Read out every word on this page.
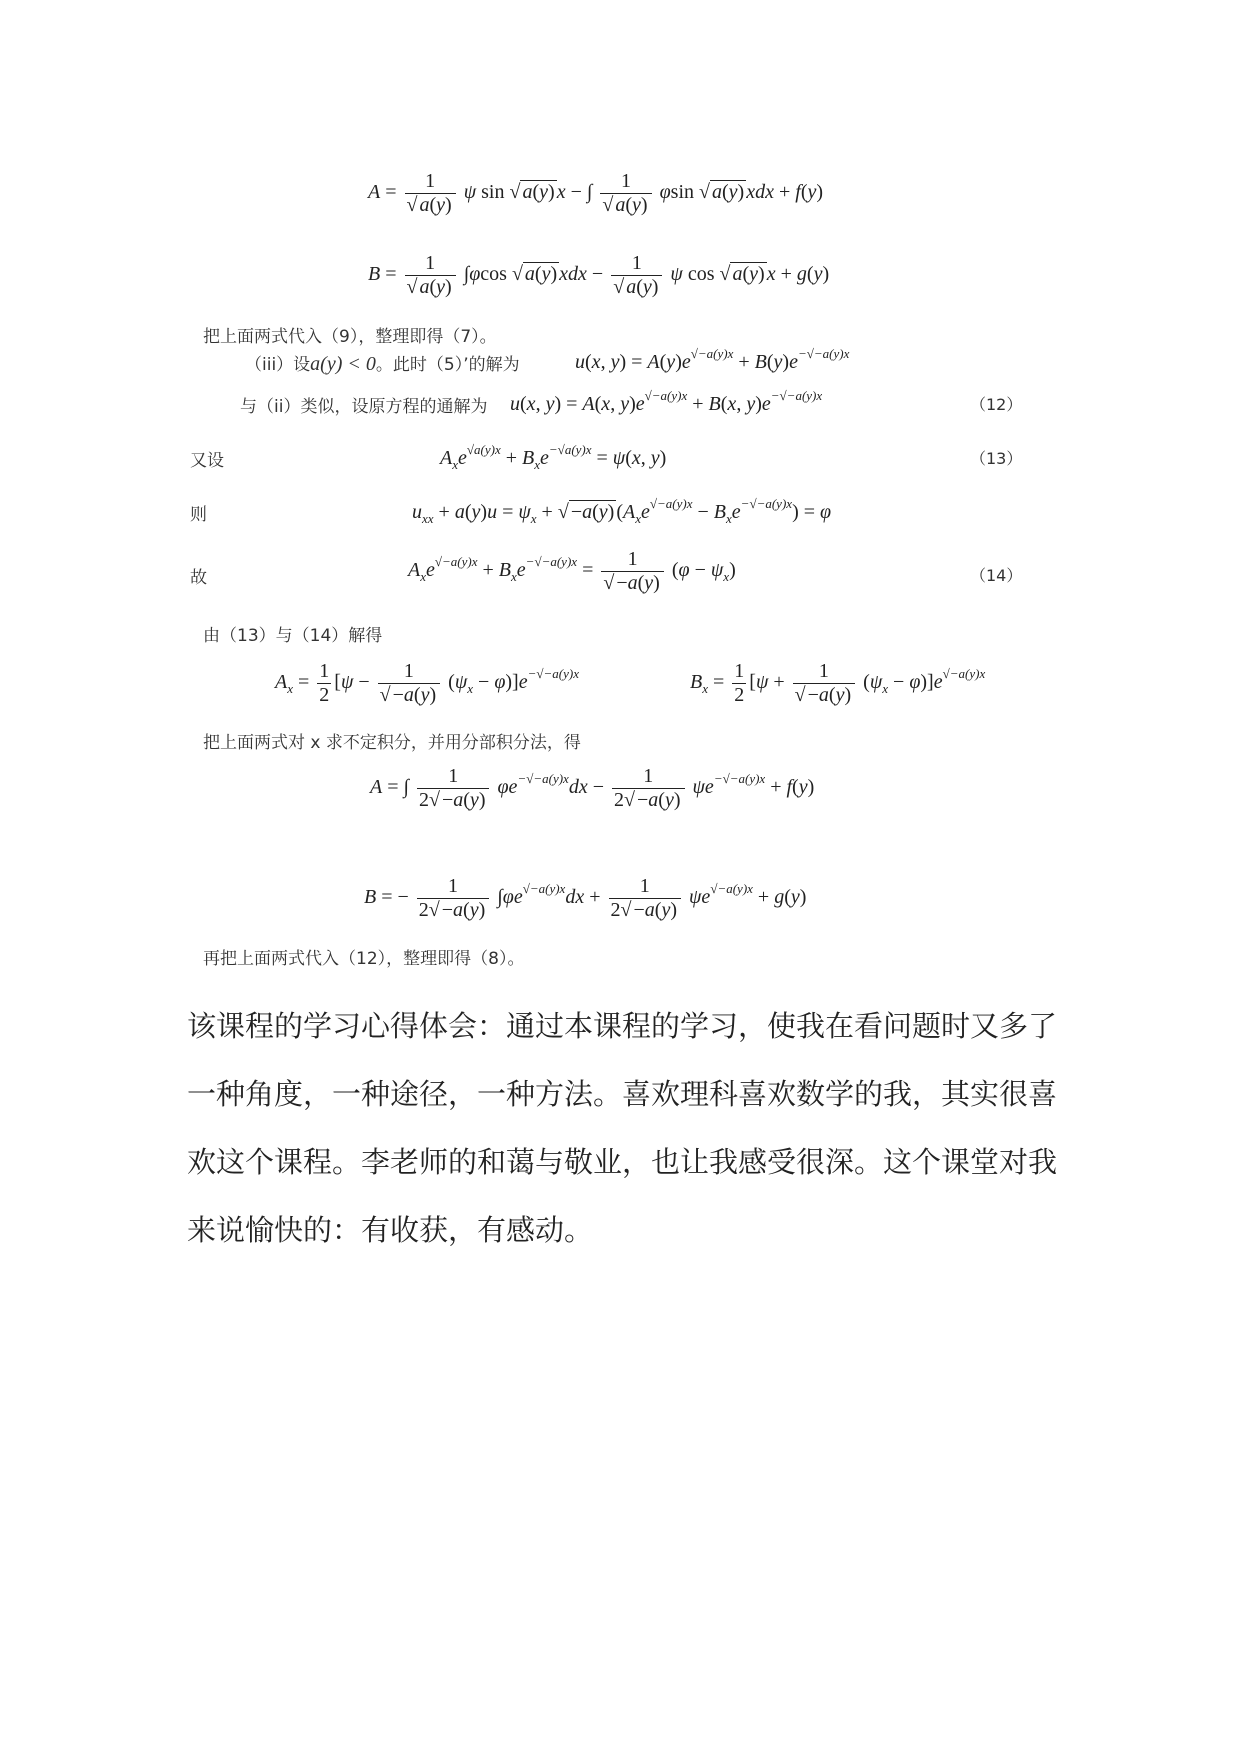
$A = \frac{1}{√ a(y)}$ ψ sin √ a(y) x − ∫ $\frac{1}{√ a(y)}$ φsin √ a(y) xdx + f(y)
$B = \frac{1}{√ a(y)} \int\varphi\cos$ √ a(y) xdx − $\frac{1}{√ a(y)}$ ψ cos √ a(y) x + g(y)
把上面两式代入（9），整理即得（7）。
（iii）设a(y) < 0。此时（5）’的解为	u(x, $y) = A(y)e^{√-a(y)x} + B(y)e^{-√-a(y)x}$
与（ii）类似，设原方程的通解为 u(x, y) = A(x, $y)e^{√-a(y)x} + B(x$, $y)e^{-√-a(y)x}$	（12）
又设	$A_xe^{√a(y)x} + B_xe^{-√a(y)x} = \psi(x$, y)	（13）
则	$u_{xx} + a(y)u = \psi_x$ + √ −a(y) $(A_xe^{√-a(y)x} - B_xe^{-√-a(y)x}) = \varphi$
故	$A_xe^{√-a(y)x} + B_xe^{-√-a(y)x} = \frac{1}{√ -a(y)} (\varphi - \psi_x)$	（14）
由（13）与（14）解得
$A_x = \frac{1}{2} [\psi - \frac{1}{√ -a(y)} (\psi_x - \varphi)]e^{-√-a(y)x}$	$B_x = \frac{1}{2} [\psi + \frac{1}{√ -a(y)} (\psi_x - \varphi)]e^{√-a(y)x}$
把上面两式对 x 求不定积分，并用分部积分法，得
A = ∫ $\frac{1}{2√ -a(y)} \varphi e^{-√-a(y)x}dx - \frac{1}{2√ -a(y)} \psi e^{-√-a(y)x} + f(y)$
B = − $\frac{1}{2√ -a(y)} \int\varphi e^{√-a(y)x}dx + \frac{1}{2√ -a(y)} \psi e^{√-a(y)x} + g(y)$
再把上面两式代入（12），整理即得（8）。
该课程的学习心得体会：通过本课程的学习，使我在看问题时又多了
一种角度，一种途径，一种方法。喜欢理科喜欢数学的我，其实很喜
欢这个课程。李老师的和蔼与敬业，也让我感受很深。这个课堂对我
来说愉快的：有收获，有感动。
